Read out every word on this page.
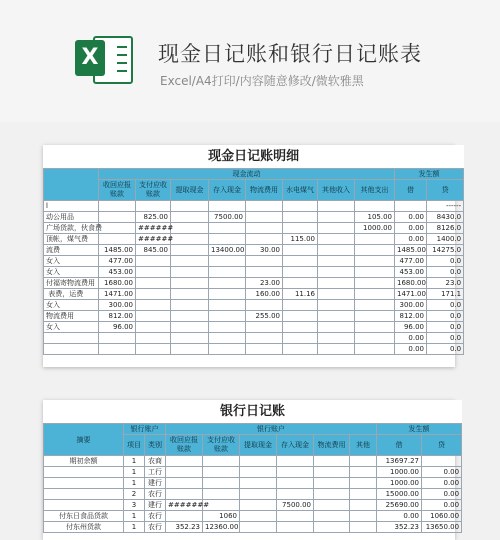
X	现金日记账和银行日记账表
Excel/A4打印/内容随意修改/微软雅黑
现金日记账明细										
	现金流动								发生额	
	收回应报账款	支付应收账款	提取现金	存入现金	物流费用	水电煤气	其他收入	其他支出	借	贷
l										------
动公用品		825.00		7500.00				105.00	0.00	8430.0
广场货款，伙食费		######						1000.00	0.00	8126.0
顶帐，煤气费		######				115.00			0.00	1400.0
流费	1485.00	845.00		13400.00	30.00				1485.00	14275.0
女入	477.00								477.00	0.0
女入	453.00								453.00	0.0
付福寄物流费用	1680.00				23.00				1680.00	23.0
表费，运费	1471.00				160.00	11.16			1471.00	171.1
女入	300.00								300.00	0.0
物流费用	812.00				255.00				812.00	0.0
女入	96.00								96.00	0.0
									0.00	0.0
									0.00	0.0
银行日记账										
摘要	银行账户		银行账户						发生额	
	项目	类别	收回应报账款	支付应收账款	提取现金	存入现金	物流费用	其他	借	贷
期初余额	1	农商							13697.27	
	1	工行							1000.00	0.00
	1	建行							1000.00	0.00
	2	农行							15000.00	0.00
	3	建行	#######			7500.00			25690.00	0.00
付东日食品货款	1	农行		1060					0.00	1060.00
付东州货款	1	农行	352.23	12360.00					352.23	13650.00
